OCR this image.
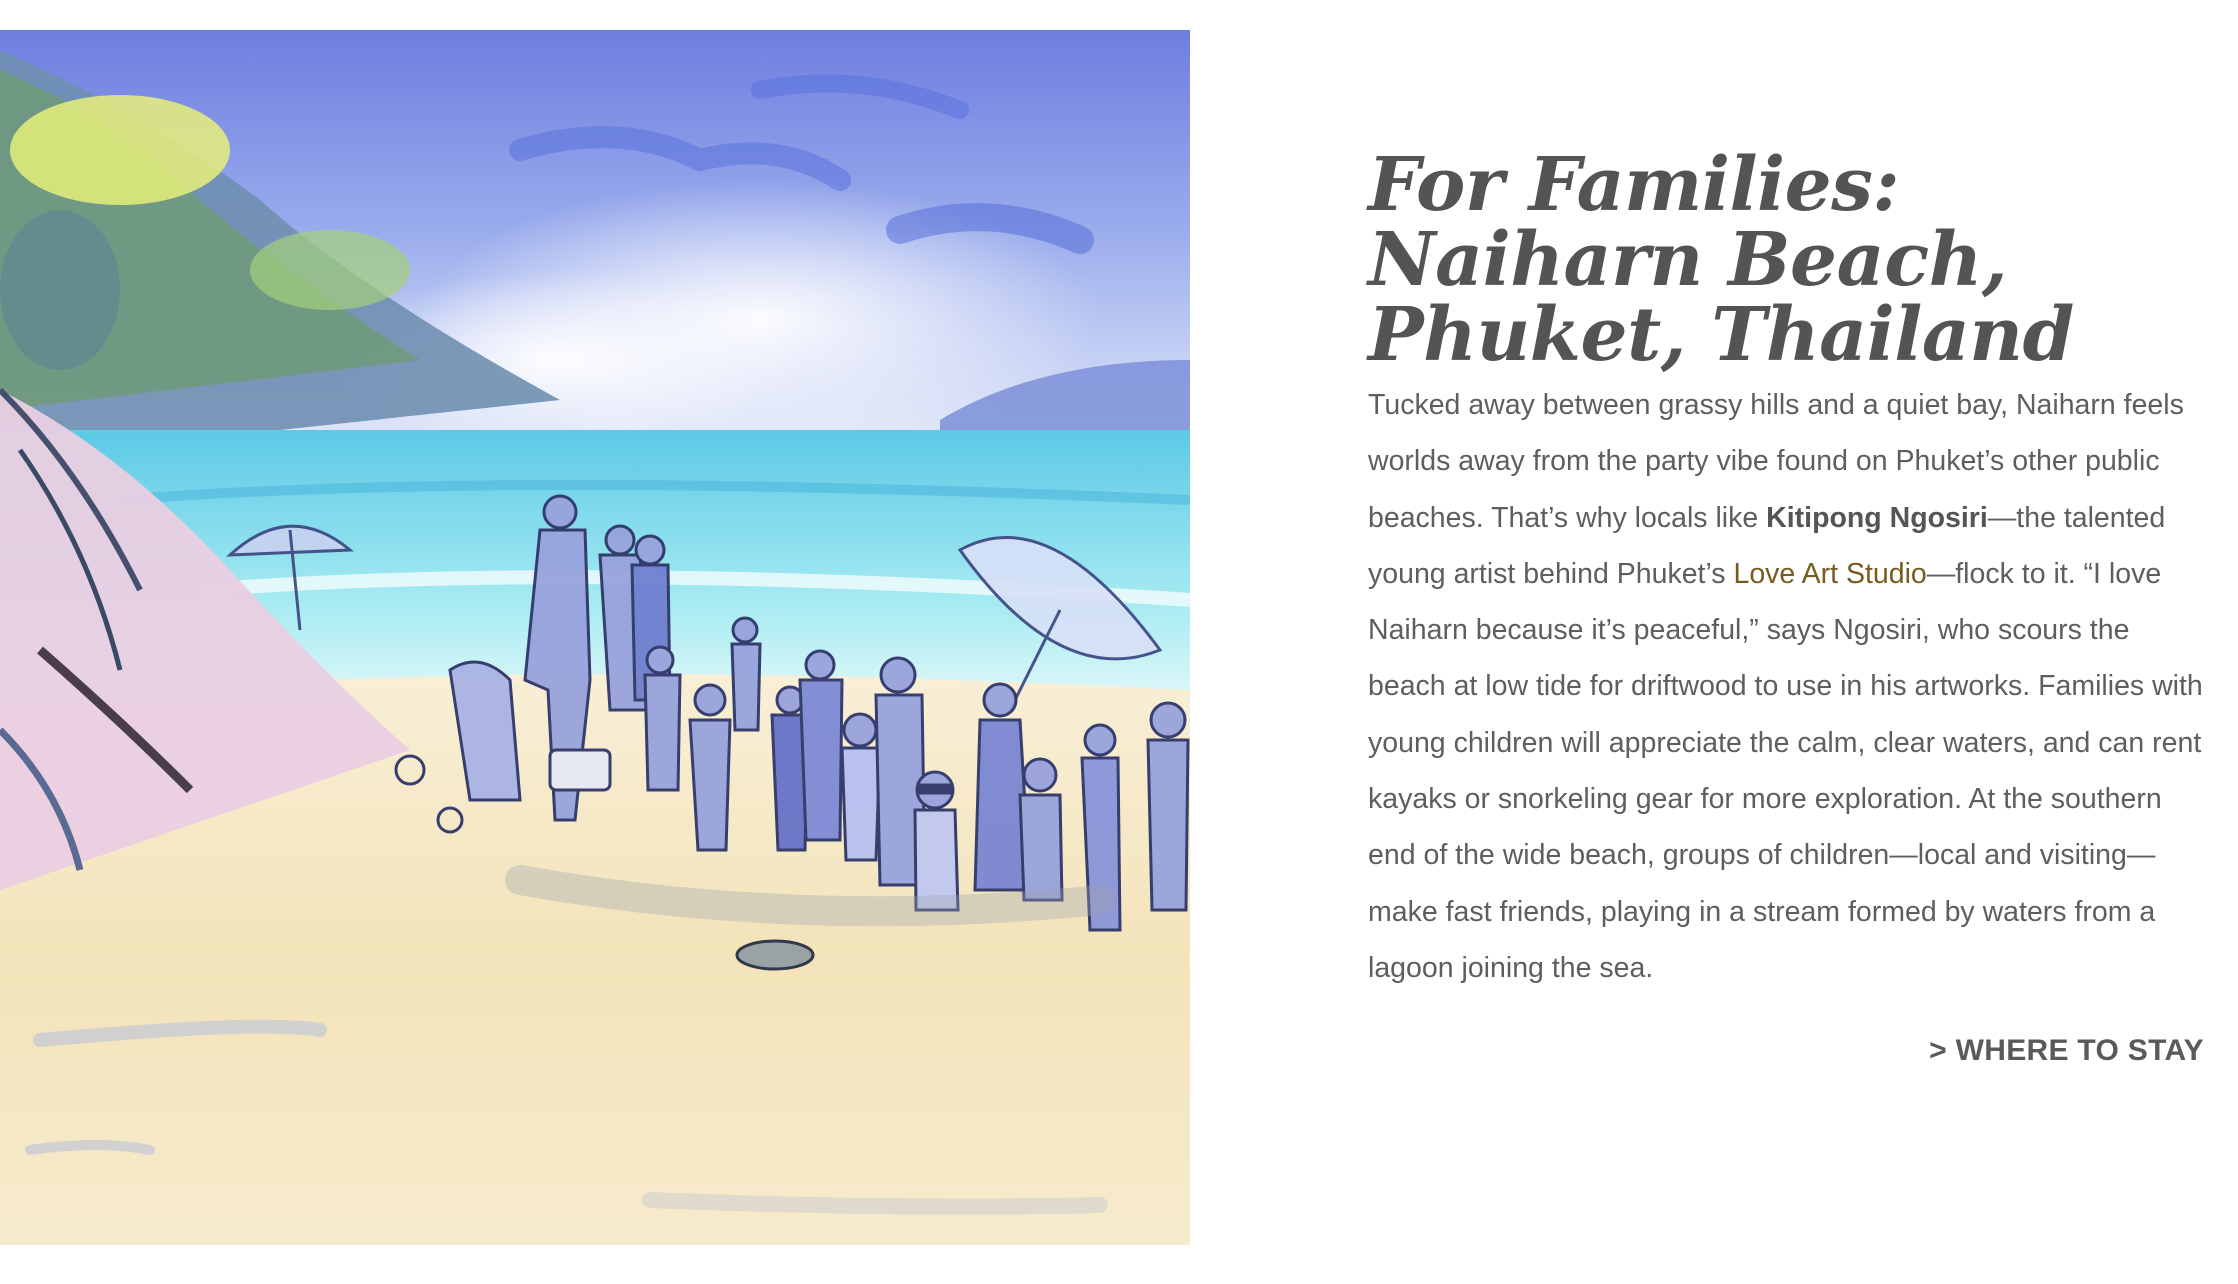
For Families: Naiharn Beach, Phuket, Thailand

Tucked away between grassy hills and a quiet bay, Naiharn feels worlds away from the party vibe found on Phuket’s other public beaches. That’s why locals like Kitipong Ngosiri—the talented young artist behind Phuket’s Love Art Studio—flock to it. “I love Naiharn because it’s peaceful,” says Ngosiri, who scours the beach at low tide for driftwood to use in his artworks. Families with young children will appreciate the calm, clear waters, and can rent kayaks or snorkeling gear for more exploration. At the southern end of the wide beach, groups of children—local and visiting—make fast friends, playing in a stream formed by waters from a lagoon joining the sea.

> WHERE TO STAY
